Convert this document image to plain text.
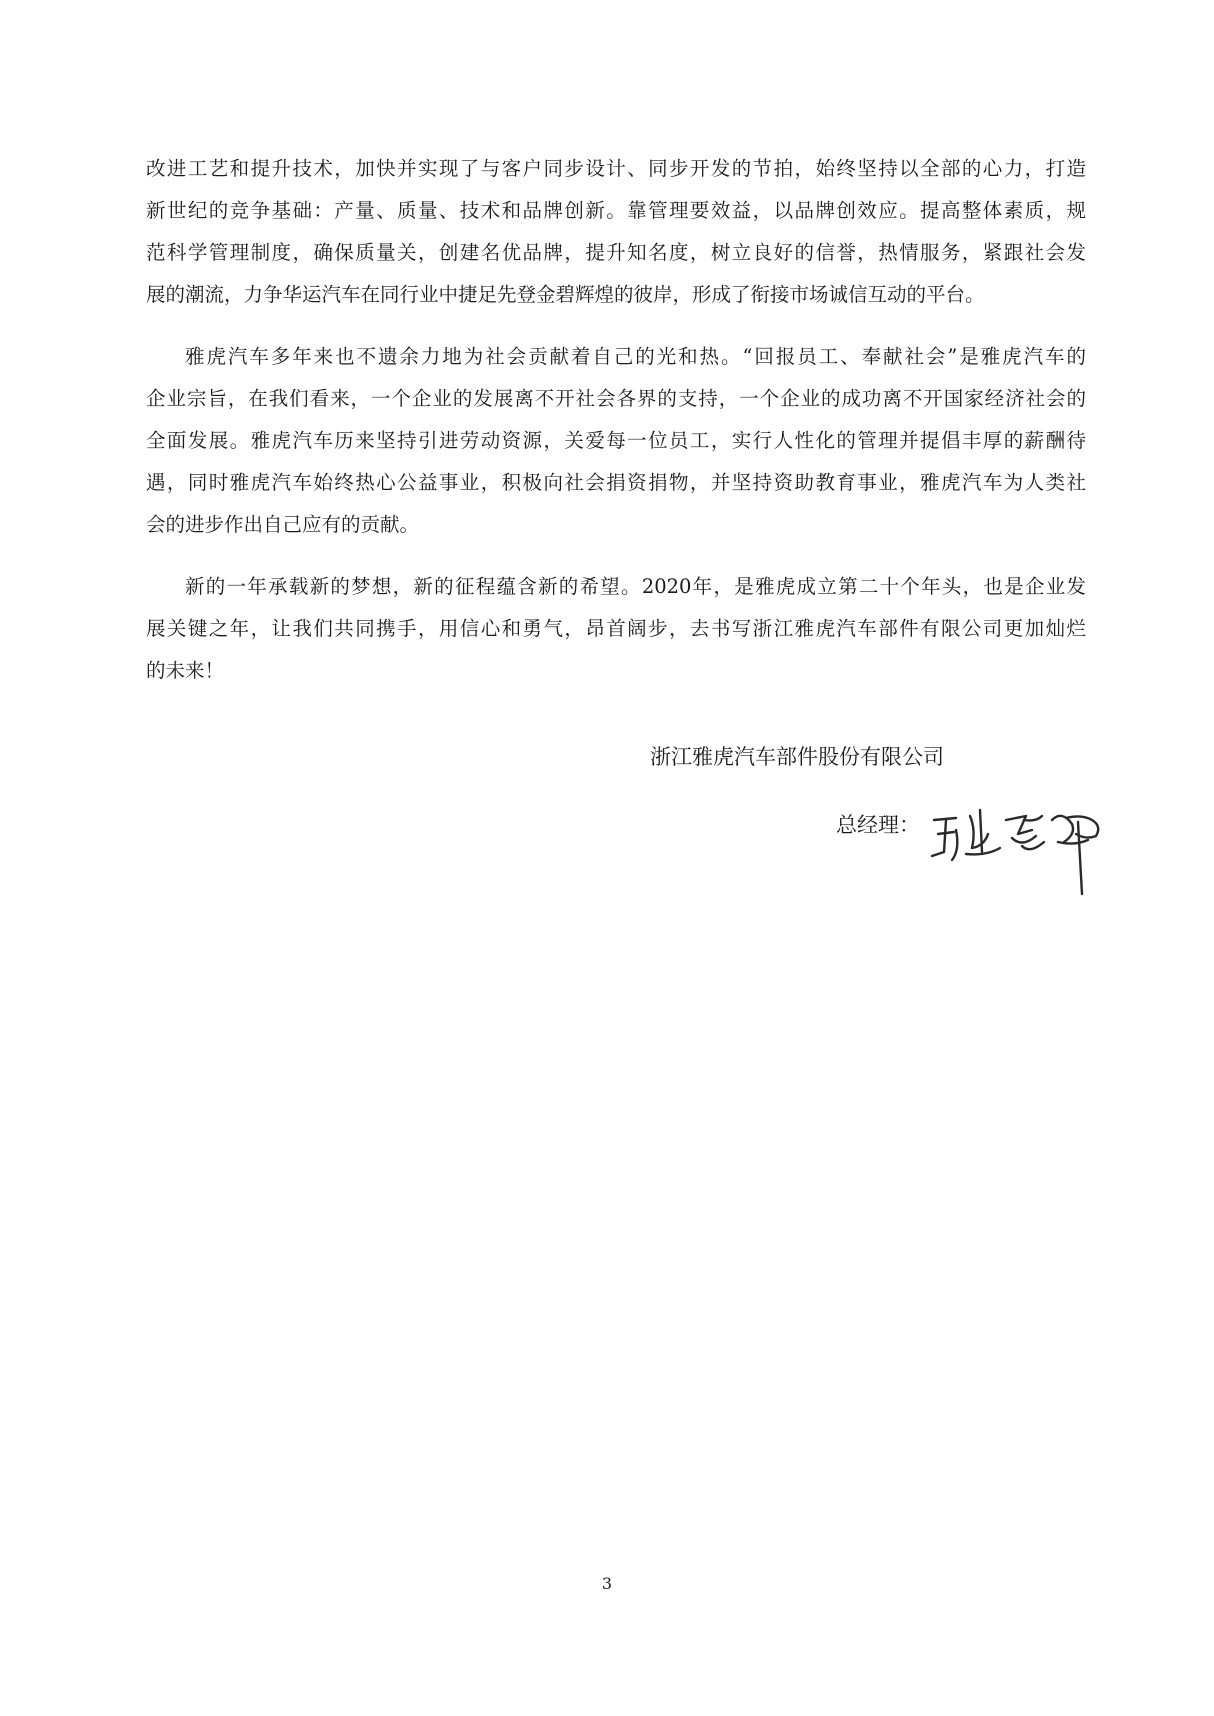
改进工艺和提升技术，加快并实现了与客户同步设计、同步开发的节拍，始终坚持以全部的心力，打造
新世纪的竞争基础：产量、质量、技术和品牌创新。靠管理要效益，以品牌创效应。提高整体素质，规
范科学管理制度，确保质量关，创建名优品牌，提升知名度，树立良好的信誉，热情服务，紧跟社会发
展的潮流，力争华运汽车在同行业中捷足先登金碧辉煌的彼岸，形成了衔接市场诚信互动的平台。

雅虎汽车多年来也不遗余力地为社会贡献着自己的光和热。“回报员工、奉献社会”是雅虎汽车的
企业宗旨，在我们看来，一个企业的发展离不开社会各界的支持，一个企业的成功离不开国家经济社会的
全面发展。雅虎汽车历来坚持引进劳动资源，关爱每一位员工，实行人性化的管理并提倡丰厚的薪酬待
遇，同时雅虎汽车始终热心公益事业，积极向社会捐资捐物，并坚持资助教育事业，雅虎汽车为人类社
会的进步作出自己应有的贡献。

新的一年承载新的梦想，新的征程蕴含新的希望。2020年，是雅虎成立第二十个年头，也是企业发
展关键之年，让我们共同携手，用信心和勇气，昂首阔步，去书写浙江雅虎汽车部件有限公司更加灿烂
的未来！

浙江雅虎汽车部件股份有限公司
总经理：
3
